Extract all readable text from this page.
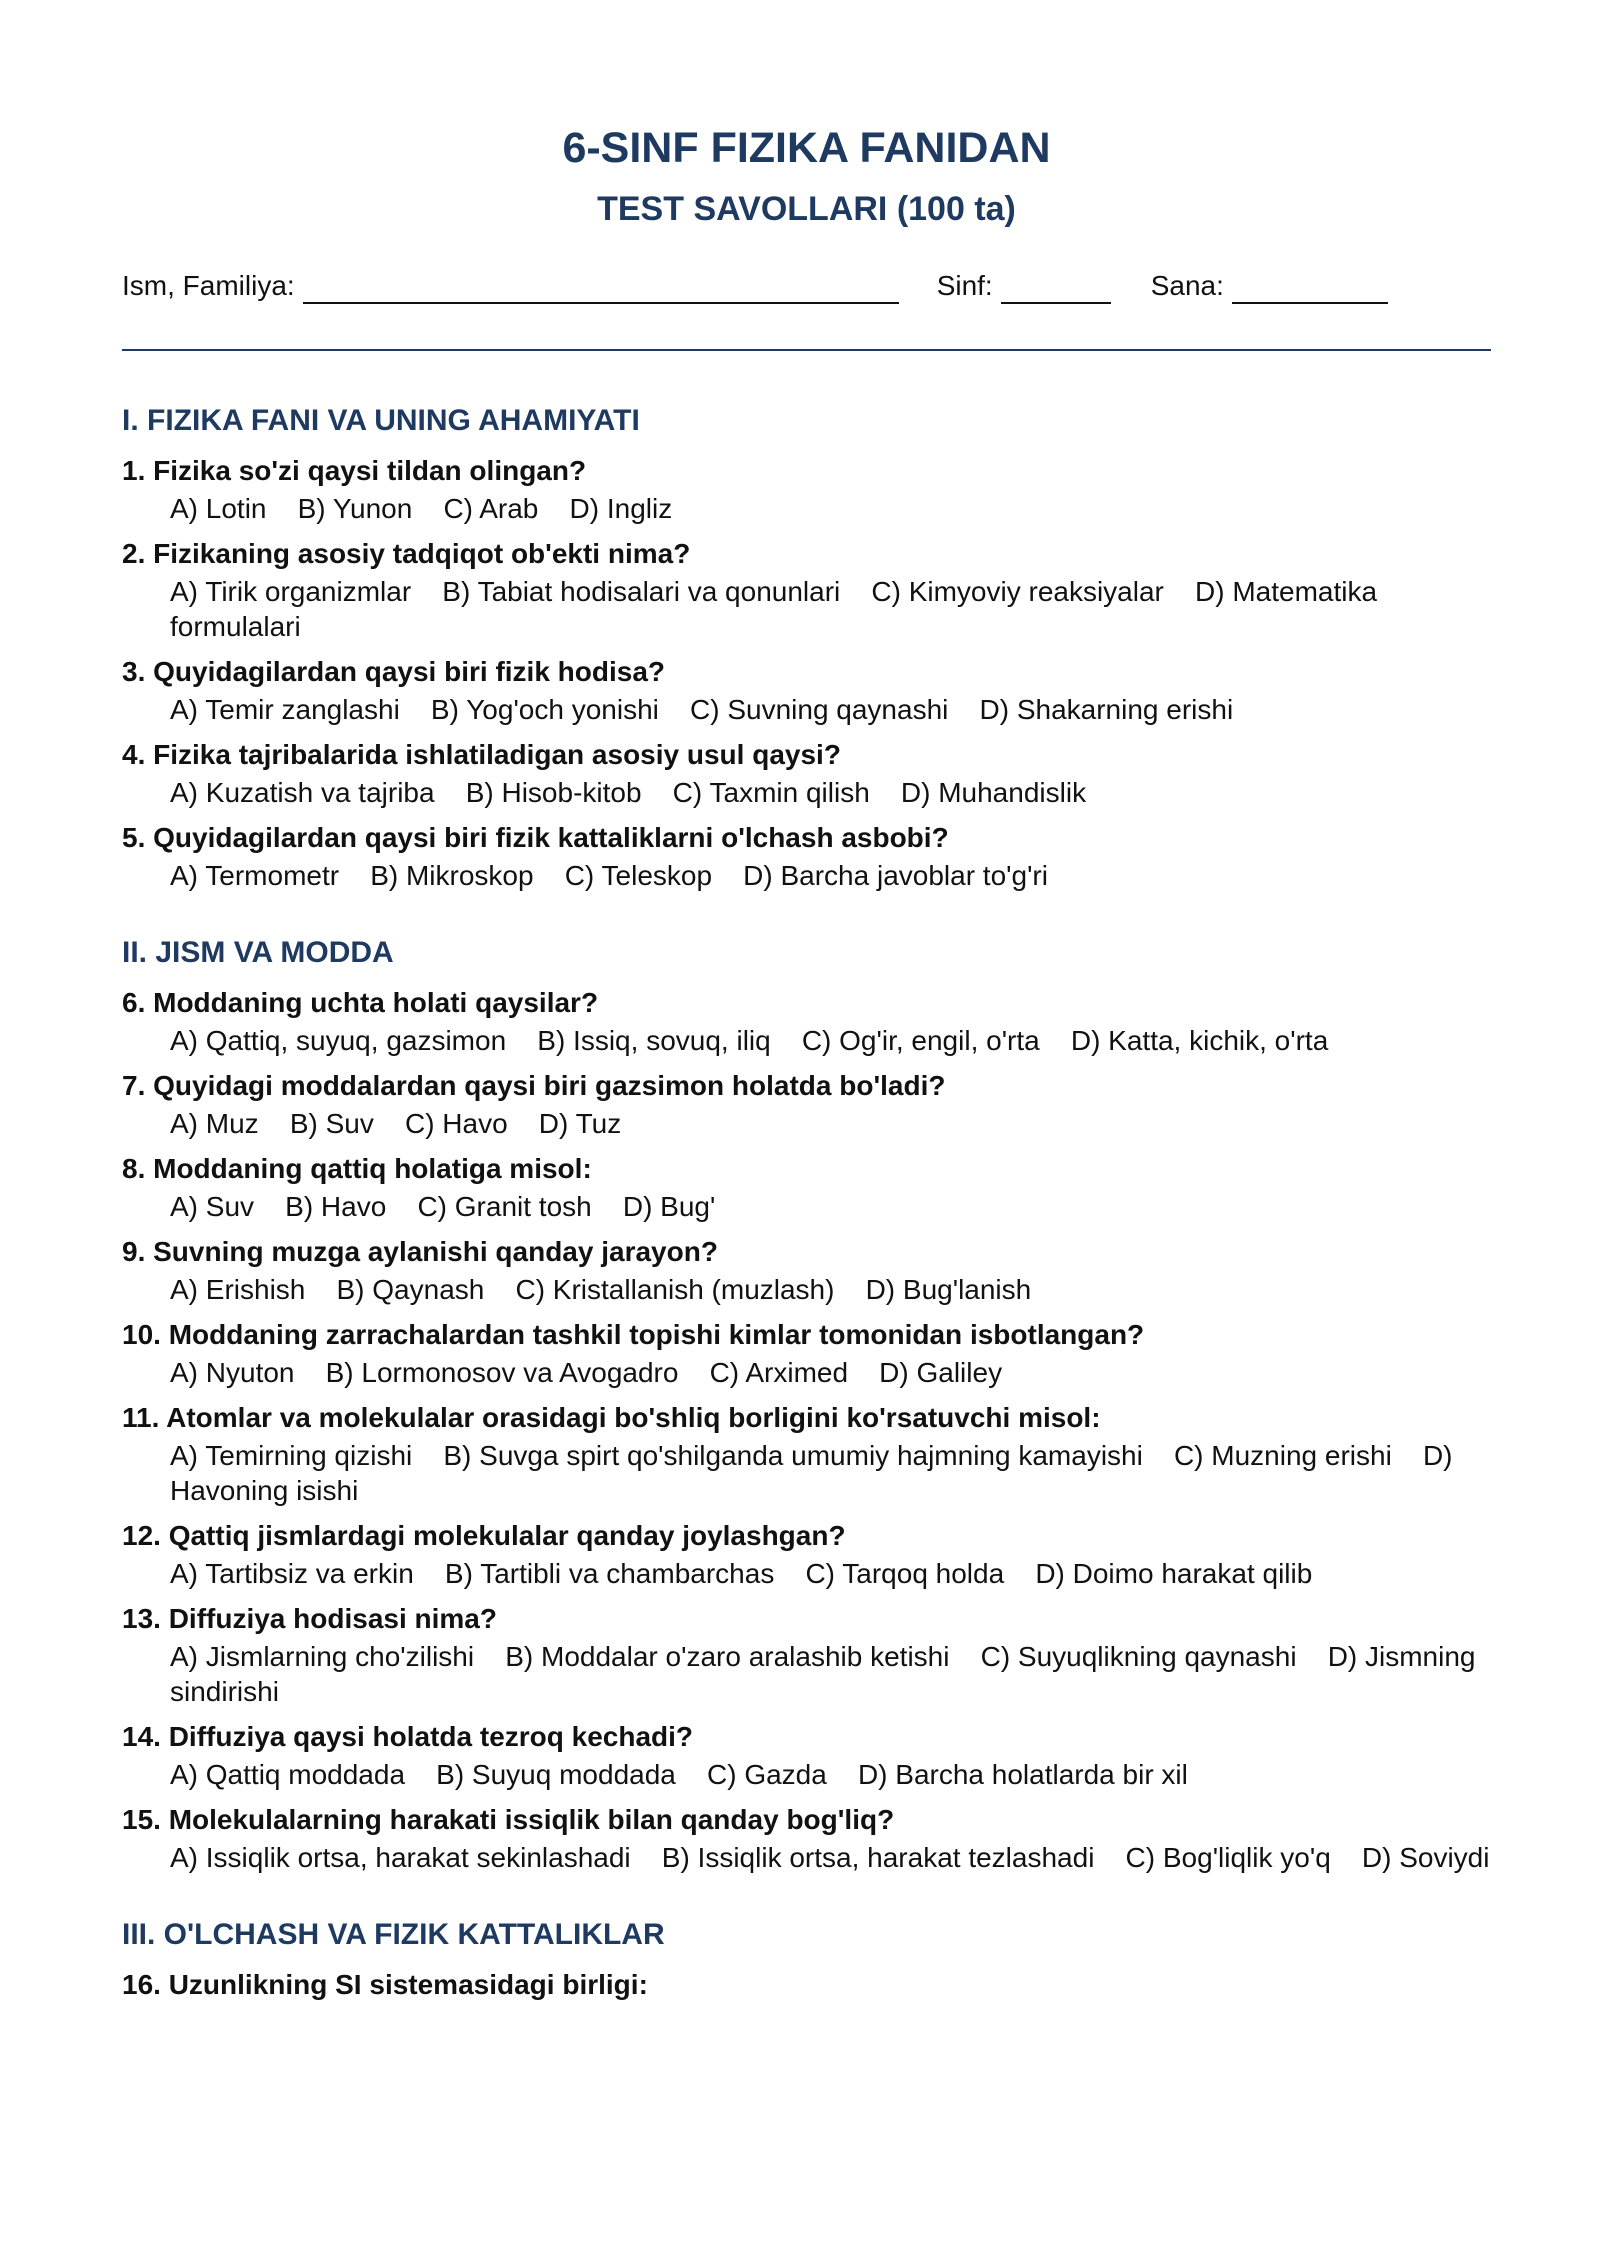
6-SINF FIZIKA FANIDAN
TEST SAVOLLARI (100 ta)
Ism, Familiya:	Sinf:	Sana:
I. FIZIKA FANI VA UNING AHAMIYATI
1. Fizika so'zi qaysi tildan olingan?
A) Lotin B) Yunon C) Arab D) Ingliz
2. Fizikaning asosiy tadqiqot ob'ekti nima?
A) Tirik organizmlar B) Tabiat hodisalari va qonunlari C) Kimyoviy reaksiyalar D) Matematika formulalari
3. Quyidagilardan qaysi biri fizik hodisa?
A) Temir zanglashi B) Yog'och yonishi C) Suvning qaynashi D) Shakarning erishi
4. Fizika tajribalarida ishlatiladigan asosiy usul qaysi?
A) Kuzatish va tajriba B) Hisob-kitob C) Taxmin qilish D) Muhandislik
5. Quyidagilardan qaysi biri fizik kattaliklarni o'lchash asbobi?
A) Termometr B) Mikroskop C) Teleskop D) Barcha javoblar to'g'ri
II. JISM VA MODDA
6. Moddaning uchta holati qaysilar?
A) Qattiq, suyuq, gazsimon B) Issiq, sovuq, iliq C) Og'ir, engil, o'rta D) Katta, kichik, o'rta
7. Quyidagi moddalardan qaysi biri gazsimon holatda bo'ladi?
A) Muz B) Suv C) Havo D) Tuz
8. Moddaning qattiq holatiga misol:
A) Suv B) Havo C) Granit tosh D) Bug'
9. Suvning muzga aylanishi qanday jarayon?
A) Erishish B) Qaynash C) Kristallanish (muzlash) D) Bug'lanish
10. Moddaning zarrachalardan tashkil topishi kimlar tomonidan isbotlangan?
A) Nyuton B) Lormonosov va Avogadro C) Arximed D) Galiley
11. Atomlar va molekulalar orasidagi bo'shliq borligini ko'rsatuvchi misol:
A) Temirning qizishi B) Suvga spirt qo'shilganda umumiy hajmning kamayishi C) Muzning erishi D) Havoning isishi
12. Qattiq jismlardagi molekulalar qanday joylashgan?
A) Tartibsiz va erkin B) Tartibli va chambarchas C) Tarqoq holda D) Doimo harakat qilib
13. Diffuziya hodisasi nima?
A) Jismlarning cho'zilishi B) Moddalar o'zaro aralashib ketishi C) Suyuqlikning qaynashi D) Jismning sindirishi
14. Diffuziya qaysi holatda tezroq kechadi?
A) Qattiq moddada B) Suyuq moddada C) Gazda D) Barcha holatlarda bir xil
15. Molekulalarning harakati issiqlik bilan qanday bog'liq?
A) Issiqlik ortsa, harakat sekinlashadi B) Issiqlik ortsa, harakat tezlashadi C) Bog'liqlik yo'q D) Soviydi
III. O'LCHASH VA FIZIK KATTALIKLAR
16. Uzunlikning SI sistemasidagi birligi:
